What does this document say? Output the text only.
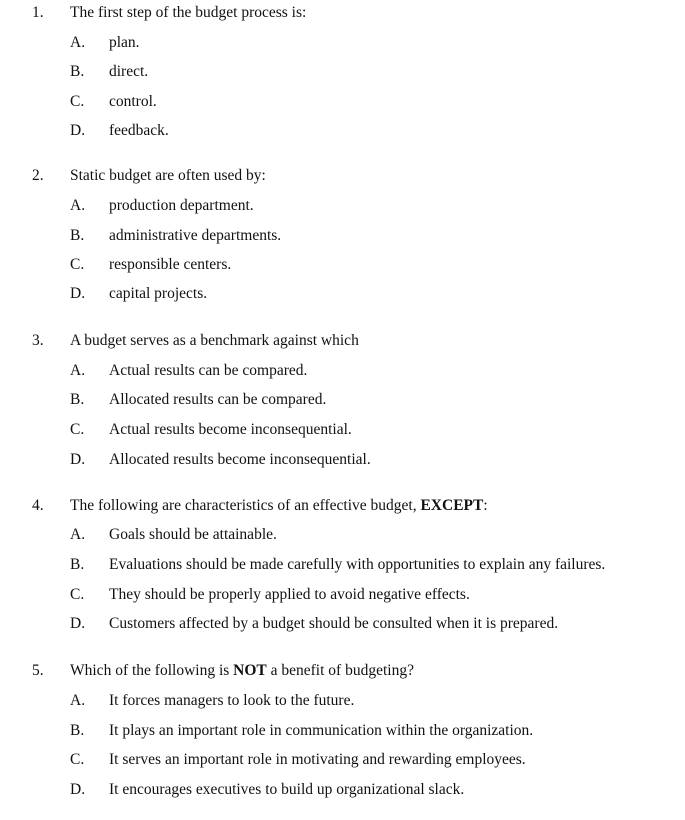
1. The first step of the budget process is:
A. plan.
B. direct.
C. control.
D. feedback.
2. Static budget are often used by:
A. production department.
B. administrative departments.
C. responsible centers.
D. capital projects.
3. A budget serves as a benchmark against which
A. Actual results can be compared.
B. Allocated results can be compared.
C. Actual results become inconsequential.
D. Allocated results become inconsequential.
4. The following are characteristics of an effective budget, EXCEPT:
A. Goals should be attainable.
B. Evaluations should be made carefully with opportunities to explain any failures.
C. They should be properly applied to avoid negative effects.
D. Customers affected by a budget should be consulted when it is prepared.
5. Which of the following is NOT a benefit of budgeting?
A. It forces managers to look to the future.
B. It plays an important role in communication within the organization.
C. It serves an important role in motivating and rewarding employees.
D. It encourages executives to build up organizational slack.
